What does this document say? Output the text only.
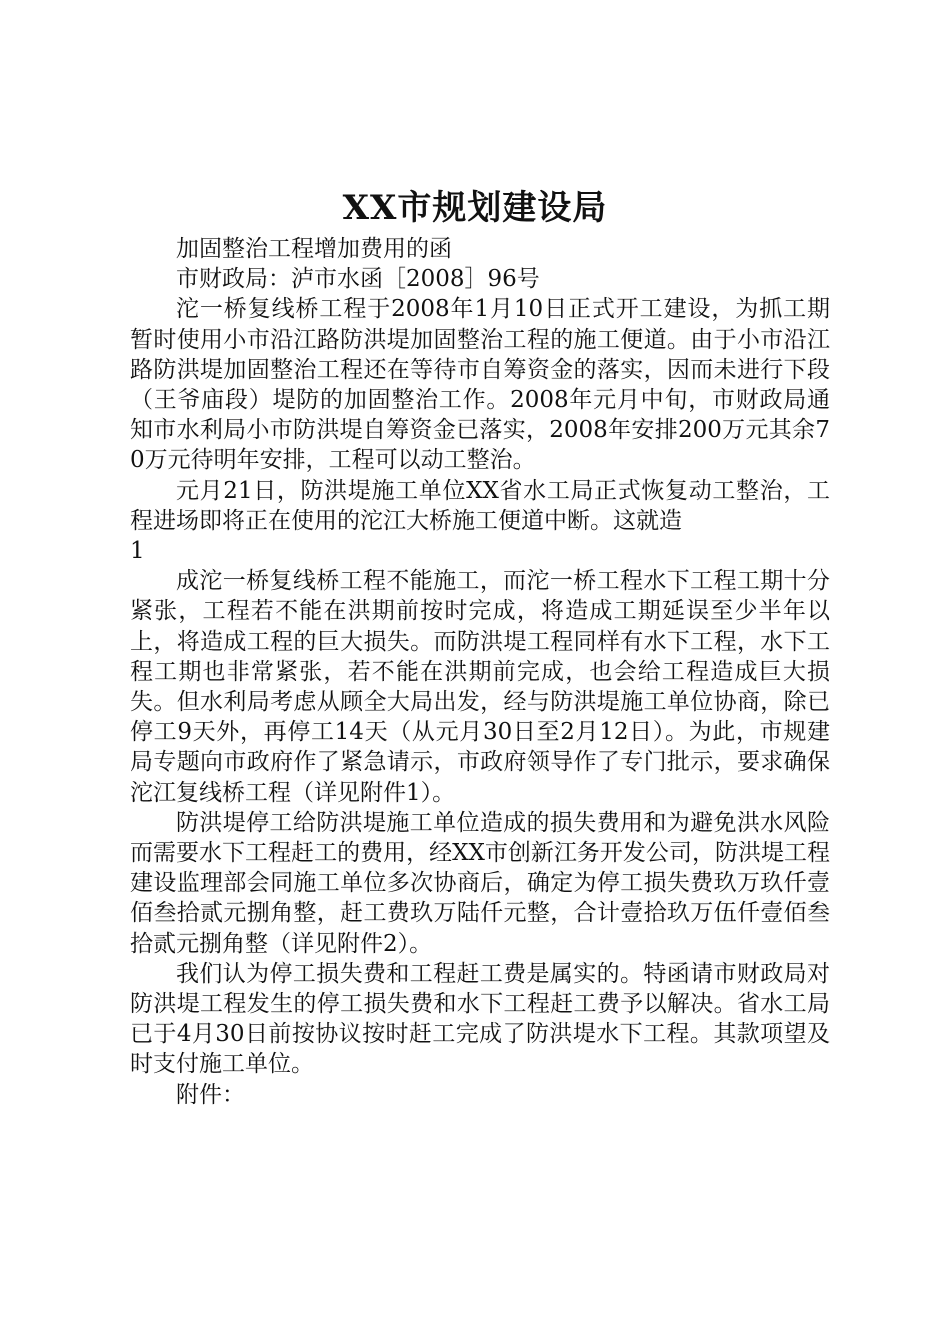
XX市规划建设局

加固整治工程增加费用的函

市财政局：泸市水函［2008］96号

沱一桥复线桥工程于2008年1月10日正式开工建设，为抓工期暂时使用小市沿江路防洪堤加固整治工程的施工便道。由于小市沿江路防洪堤加固整治工程还在等待市自筹资金的落实，因而未进行下段（王爷庙段）堤防的加固整治工作。2008年元月中旬，市财政局通知市水利局小市防洪堤自筹资金已落实，2008年安排200万元其余70万元待明年安排，工程可以动工整治。

元月21日，防洪堤施工单位XX省水工局正式恢复动工整治，工程进场即将正在使用的沱江大桥施工便道中断。这就造

1

成沱一桥复线桥工程不能施工，而沱一桥工程水下工程工期十分紧张，工程若不能在洪期前按时完成，将造成工期延误至少半年以上，将造成工程的巨大损失。而防洪堤工程同样有水下工程，水下工程工期也非常紧张，若不能在洪期前完成，也会给工程造成巨大损失。但水利局考虑从顾全大局出发，经与防洪堤施工单位协商，除已停工9天外，再停工14天（从元月30日至2月12日）。为此，市规建局专题向市政府作了紧急请示，市政府领导作了专门批示，要求确保沱江复线桥工程（详见附件1）。

防洪堤停工给防洪堤施工单位造成的损失费用和为避免洪水风险而需要水下工程赶工的费用，经XX市创新江务开发公司，防洪堤工程建设监理部会同施工单位多次协商后，确定为停工损失费玖万玖仟壹佰叁拾贰元捌角整，赶工费玖万陆仟元整，合计壹拾玖万伍仟壹佰叁拾贰元捌角整（详见附件2）。

我们认为停工损失费和工程赶工费是属实的。特函请市财政局对防洪堤工程发生的停工损失费和水下工程赶工费予以解决。省水工局已于4月30日前按协议按时赶工完成了防洪堤水下工程。其款项望及时支付施工单位。

附件：
